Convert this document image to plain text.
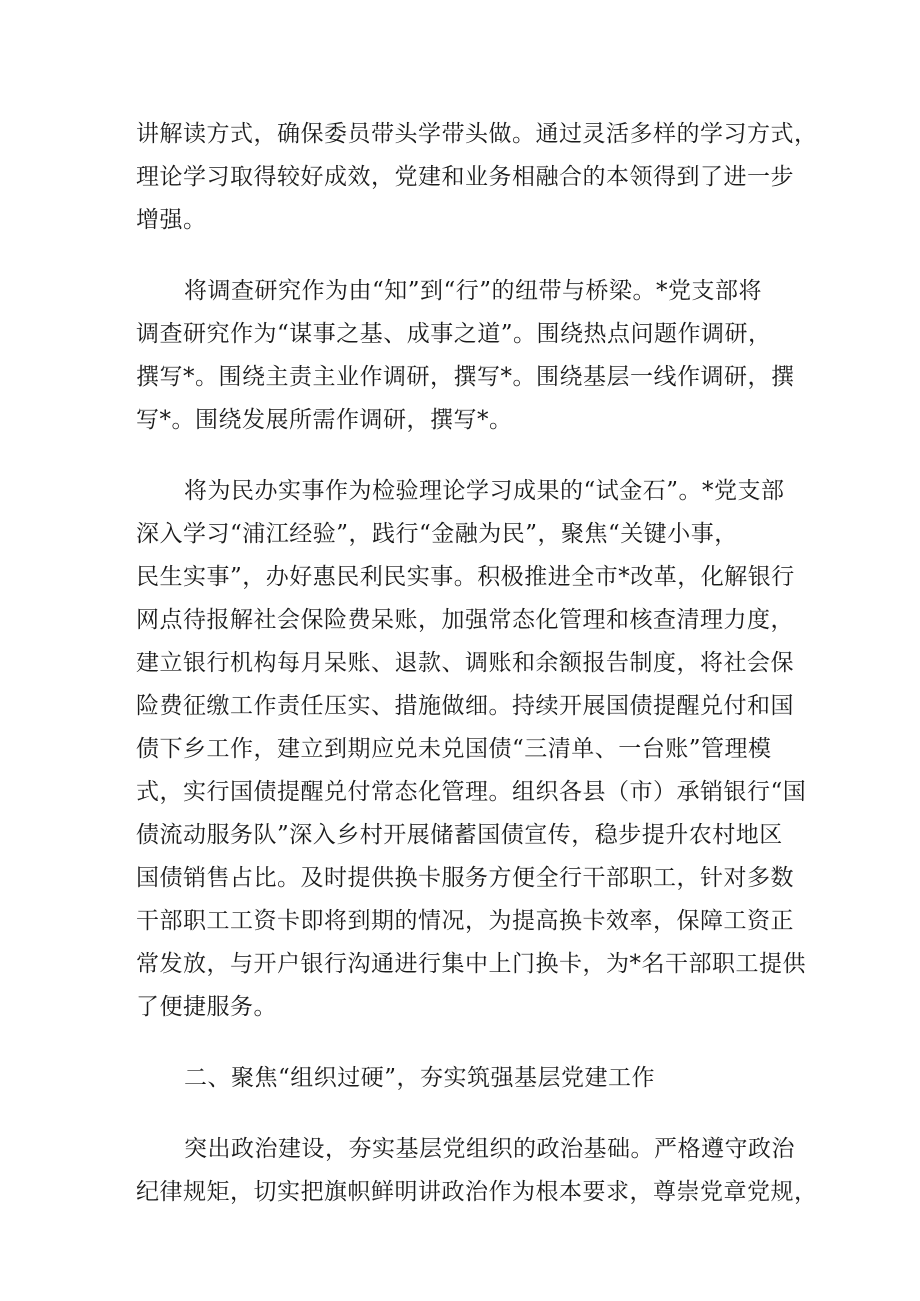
讲解读方式，确保委员带头学带头做。通过灵活多样的学习方式，
理论学习取得较好成效，党建和业务相融合的本领得到了进一步
增强。

将调查研究作为由“知”到“行”的纽带与桥梁。*党支部将
调查研究作为“谋事之基、成事之道”。围绕热点问题作调研，
撰写*。围绕主责主业作调研，撰写*。围绕基层一线作调研，撰
写*。围绕发展所需作调研，撰写*。

将为民办实事作为检验理论学习成果的“试金石”。*党支部
深入学习“浦江经验”，践行“金融为民”，聚焦“关键小事，
民生实事”，办好惠民利民实事。积极推进全市*改革，化解银行
网点待报解社会保险费呆账，加强常态化管理和核查清理力度，
建立银行机构每月呆账、退款、调账和余额报告制度，将社会保
险费征缴工作责任压实、措施做细。持续开展国债提醒兑付和国
债下乡工作，建立到期应兑未兑国债“三清单、一台账”管理模
式，实行国债提醒兑付常态化管理。组织各县（市）承销银行“国
债流动服务队”深入乡村开展储蓄国债宣传，稳步提升农村地区
国债销售占比。及时提供换卡服务方便全行干部职工，针对多数
干部职工工资卡即将到期的情况，为提高换卡效率，保障工资正
常发放，与开户银行沟通进行集中上门换卡，为*名干部职工提供
了便捷服务。

二、聚焦“组织过硬”，夯实筑强基层党建工作

突出政治建设，夯实基层党组织的政治基础。严格遵守政治
纪律规矩，切实把旗帜鲜明讲政治作为根本要求，尊崇党章党规，
